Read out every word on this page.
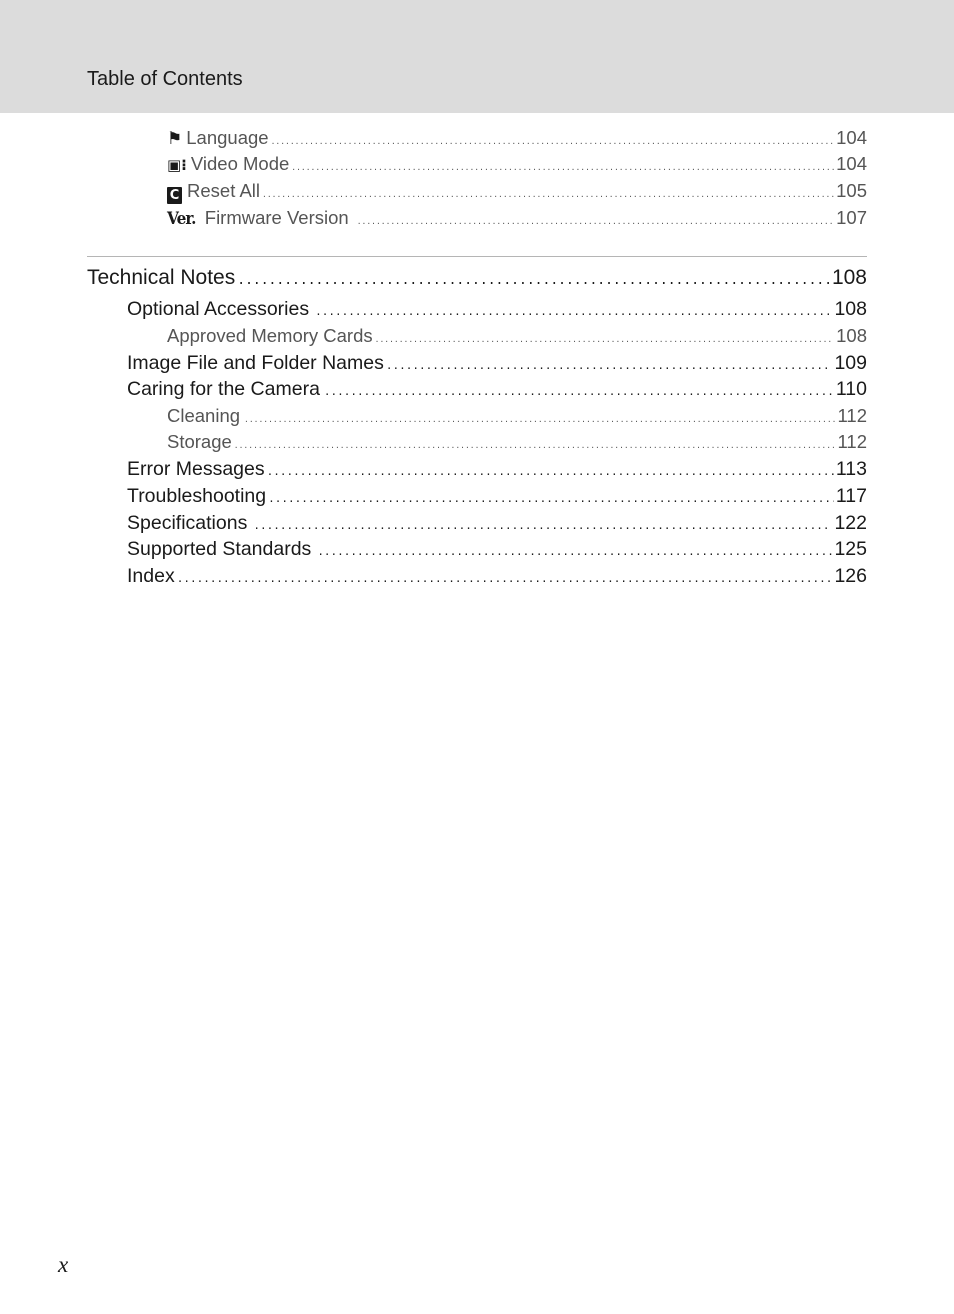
Table of Contents
⚑ Language .....	104
▣⁝ Video Mode .....	104
C Reset All .....	105
Ver. Firmware Version .....	107
Technical Notes .....	108
Optional Accessories .....	108
Approved Memory Cards .....	108
Image File and Folder Names .....	109
Caring for the Camera .....	110
Cleaning .....	112
Storage .....	112
Error Messages .....	113
Troubleshooting .....	117
Specifications .....	122
Supported Standards .....	125
Index .....	126
x
